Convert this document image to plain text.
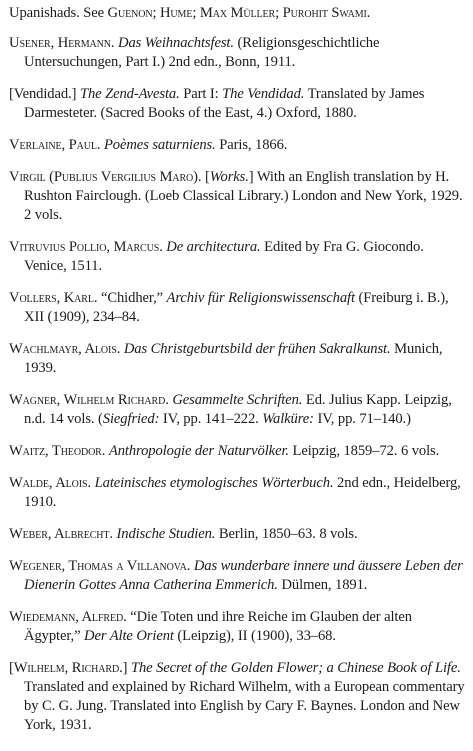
Upanishads. See Guenon; Hume; Max Müller; Purohit Swami.

Usener, Hermann. Das Weihnachtsfest. (Religionsgeschichtliche Untersuchungen, Part I.) 2nd edn., Bonn, 1911.

[Vendidad.] The Zend-Avesta. Part I: The Vendidad. Translated by James Darmesteter. (Sacred Books of the East, 4.) Oxford, 1880.

Verlaine, Paul. Poèmes saturniens. Paris, 1866.

Virgil (Publius Vergilius Maro). [Works.] With an English translation by H. Rushton Fairclough. (Loeb Classical Library.) London and New York, 1929. 2 vols.

Vitruvius Pollio, Marcus. De architectura. Edited by Fra G. Giocondo. Venice, 1511.

Vollers, Karl. “Chidher,” Archiv für Religionswissenschaft (Freiburg i. B.), XII (1909), 234–84.

Wachlmayr, Alois. Das Christgeburtsbild der frühen Sakralkunst. Munich, 1939.

Wagner, Wilhelm Richard. Gesammelte Schriften. Ed. Julius Kapp. Leipzig, n.d. 14 vols. (Siegfried: IV, pp. 141–222. Walküre: IV, pp. 71–140.)

Waitz, Theodor. Anthropologie der Naturvölker. Leipzig, 1859–72. 6 vols.

Walde, Alois. Lateinisches etymologisches Wörterbuch. 2nd edn., Heidelberg, 1910.

Weber, Albrecht. Indische Studien. Berlin, 1850–63. 8 vols.

Wegener, Thomas a Villanova. Das wunderbare innere und äussere Leben der Dienerin Gottes Anna Catherina Emmerich. Dülmen, 1891.

Wiedemann, Alfred. “Die Toten und ihre Reiche im Glauben der alten Ägypter,” Der Alte Orient (Leipzig), II (1900), 33–68.

[Wilhelm, Richard.] The Secret of the Golden Flower; a Chinese Book of Life. Translated and explained by Richard Wilhelm, with a European commentary by C. G. Jung. Translated into English by Cary F. Baynes. London and New York, 1931.
